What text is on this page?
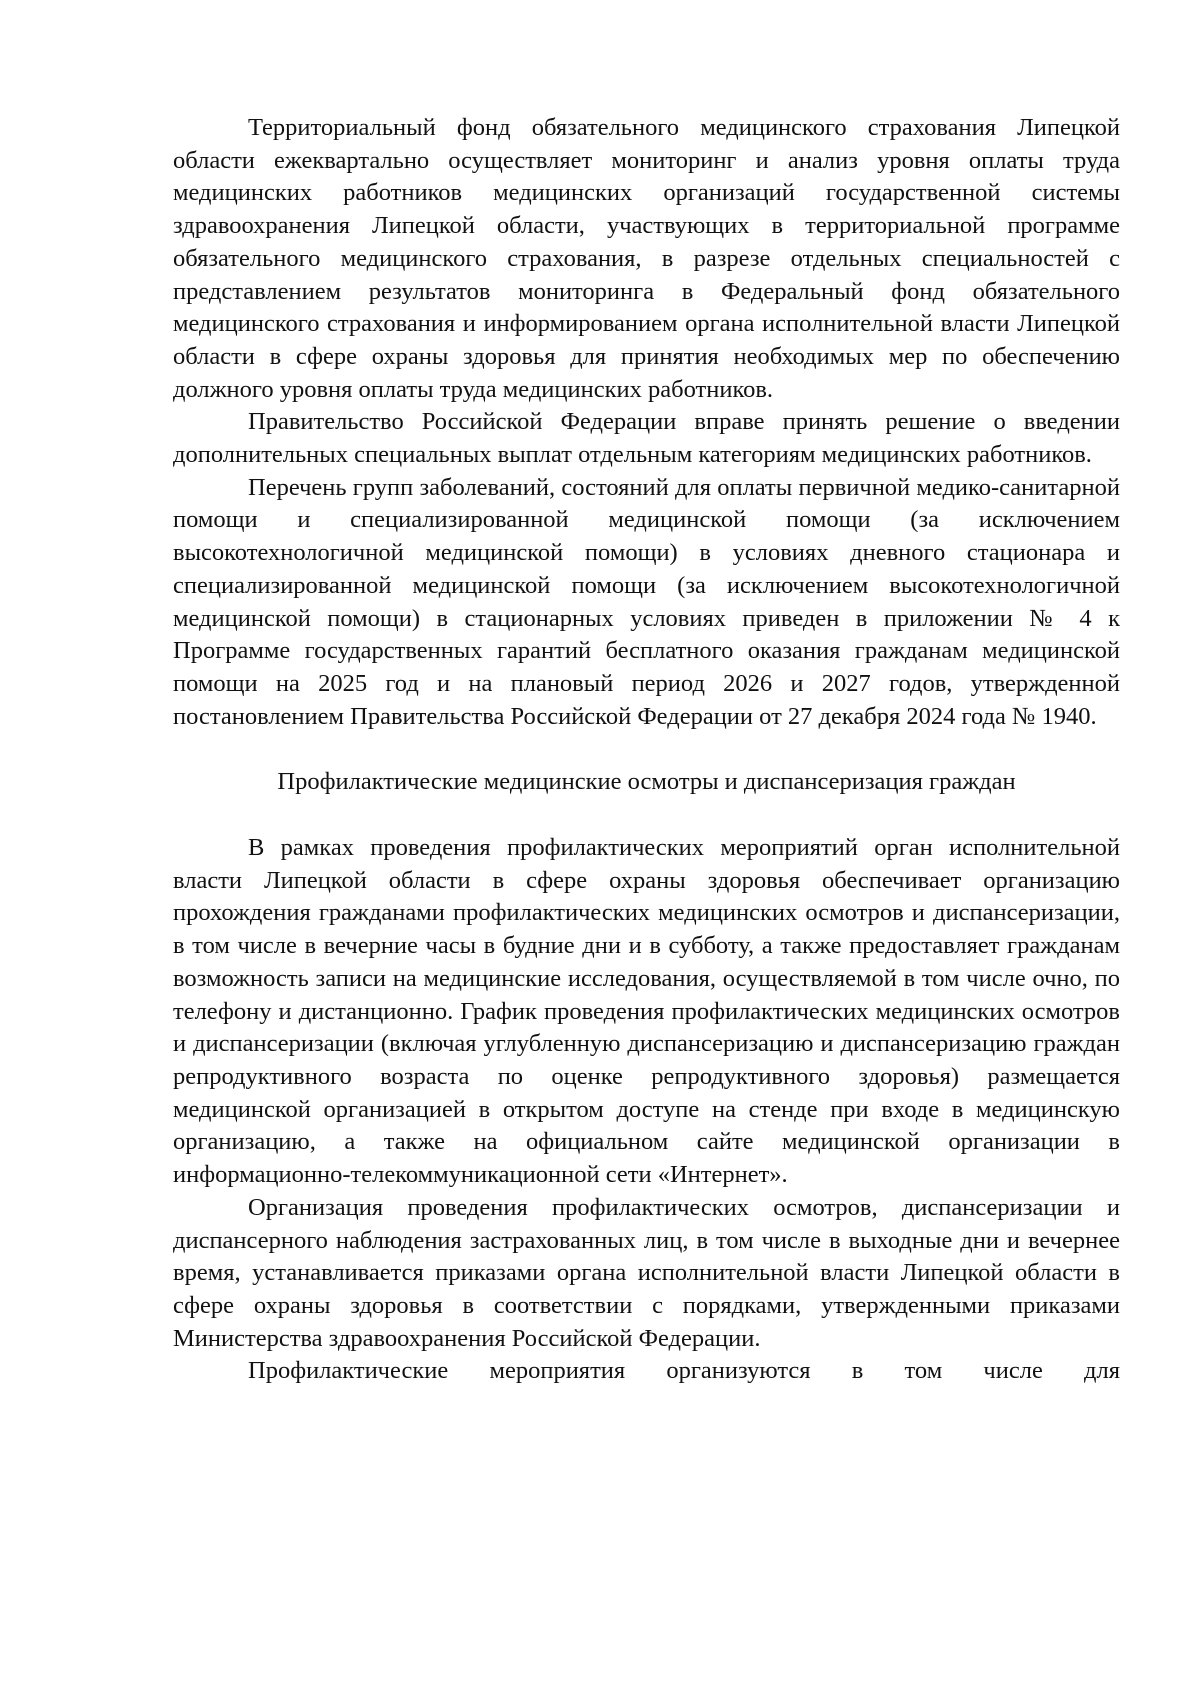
Территориальный фонд обязательного медицинского страхования Липецкой области ежеквартально осуществляет мониторинг и анализ уровня оплаты труда медицинских работников медицинских организаций государственной системы здравоохранения Липецкой области, участвующих в территориальной программе обязательного медицинского страхования, в разрезе отдельных специальностей с представлением результатов мониторинга в Федеральный фонд обязательного медицинского страхования и информированием органа исполнительной власти Липецкой области в сфере охраны здоровья для принятия необходимых мер по обеспечению должного уровня оплаты труда медицинских работников.

Правительство Российской Федерации вправе принять решение о введении дополнительных специальных выплат отдельным категориям медицинских работников.

Перечень групп заболеваний, состояний для оплаты первичной медико-санитарной помощи и специализированной медицинской помощи (за исключением высокотехнологичной медицинской помощи) в условиях дневного стационара и специализированной медицинской помощи (за исключением высокотехнологичной медицинской помощи) в стационарных условиях приведен в приложении № 4 к Программе государственных гарантий бесплатного оказания гражданам медицинской помощи на 2025 год и на плановый период 2026 и 2027 годов, утвержденной постановлением Правительства Российской Федерации от 27 декабря 2024 года № 1940.

Профилактические медицинские осмотры и диспансеризация граждан

В рамках проведения профилактических мероприятий орган исполнительной власти Липецкой области в сфере охраны здоровья обеспечивает организацию прохождения гражданами профилактических медицинских осмотров и диспансеризации, в том числе в вечерние часы в будние дни и в субботу, а также предоставляет гражданам возможность записи на медицинские исследования, осуществляемой в том числе очно, по телефону и дистанционно. График проведения профилактических медицинских осмотров и диспансеризации (включая углубленную диспансеризацию и диспансеризацию граждан репродуктивного возраста по оценке репродуктивного здоровья) размещается медицинской организацией в открытом доступе на стенде при входе в медицинскую организацию, а также на официальном сайте медицинской организации в информационно-телекоммуникационной сети «Интернет».

Организация проведения профилактических осмотров, диспансеризации и диспансерного наблюдения застрахованных лиц, в том числе в выходные дни и вечернее время, устанавливается приказами органа исполнительной власти Липецкой области в сфере охраны здоровья в соответствии с порядками, утвержденными приказами Министерства здравоохранения Российской Федерации.

Профилактические мероприятия организуются в том числе для
